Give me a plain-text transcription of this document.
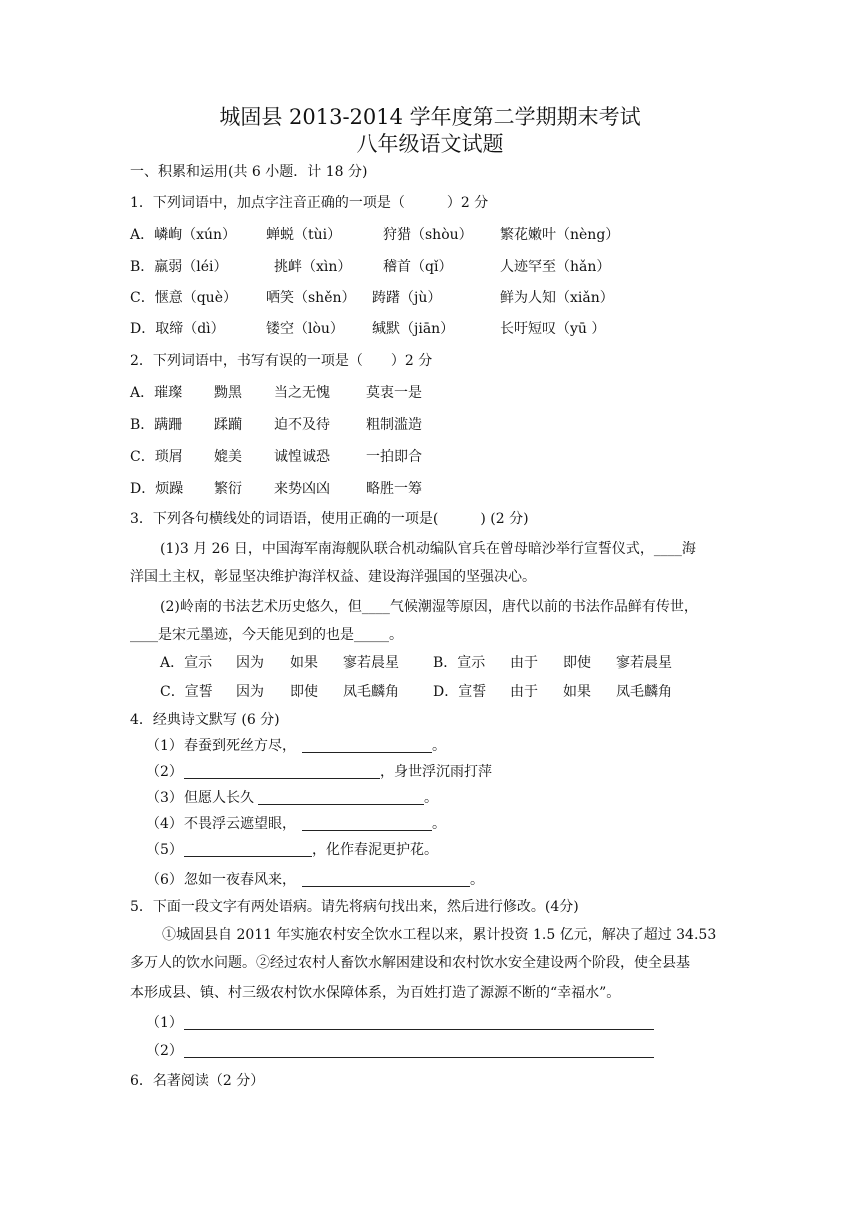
城固县 2013-2014 学年度第二学期期末考试
八年级语文试题
一、积累和运用(共 6 小题．计 18 分)
1．下列词语中，加点字注音正确的一项是（　　　）2 分
A．嶙峋（xún） 蝉蜕（tùi）	狩猎（shòu） 繁花嫩叶（nèng）
B．羸弱（léi）	挑衅（xìn） 稽首（qǐ）	人迹罕至（hǎn）
C．惬意（què） 哂笑（shěn） 踌躇（jù）	鲜为人知（xiǎn）
D．取缔（dì）	镂空（lòu） 缄默（jiān）	长吁短叹（yū ）
2．下列词语中，书写有误的一项是（　　）2 分
A．璀璨 黝黑 当之无愧	莫衷一是
B．蹒跚 蹂躏 迫不及待	粗制滥造
C．琐屑 媲美 诚惶诚恐	一拍即合
D．烦躁 繁衍 来势凶凶	略胜一筹
3．下列各句横线处的词语语，使用正确的一项是(　　　) (2 分)
(1)3 月 26 日，中国海军南海舰队联合机动编队官兵在曾母暗沙举行宣誓仪式，____海
洋国土主权，彰显坚决维护海洋权益、建设海洋强国的坚强决心。
(2)岭南的书法艺术历史悠久，但____气候潮湿等原因，唐代以前的书法作品鲜有传世，
____是宋元墨迹，今天能见到的也是_____。
A．宣示 因为 如果 寥若晨星 B．宣示 由于 即使 寥若晨星
C．宣誓 因为 即使 凤毛麟角 D．宣誓 由于 如果 凤毛麟角
4．经典诗文默写 (6 分)
（1） 春蚕到死丝方尽，	。
（2）	，身世浮沉雨打萍
（3） 但愿人长久	。
（4） 不畏浮云遮望眼，	。
（5）	，化作春泥更护花。
（6） 忽如一夜春风来，	。
5．下面一段文字有两处语病。请先将病句找出来，然后进行修改。(4分)
①城固县自 2011 年实施农村安全饮水工程以来，累计投资 1.5 亿元，解决了超过 34.53
多万人的饮水问题。②经过农村人畜饮水解困建设和农村饮水安全建设两个阶段，使全县基
本形成县、镇、村三级农村饮水保障体系，为百姓打造了源源不断的“幸福水”。
（1）
（2）
6．名著阅读（2 分）
